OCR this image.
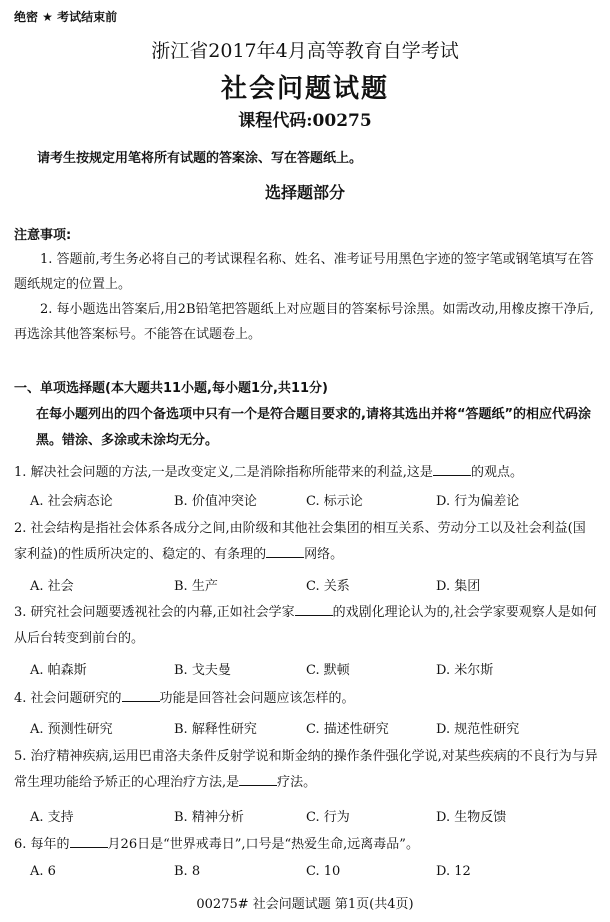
绝密 ★ 考试结束前
浙江省2017年4月高等教育自学考试
社会问题试题
课程代码:00275
请考生按规定用笔将所有试题的答案涂、写在答题纸上。
选择题部分
注意事项:
1. 答题前,考生务必将自己的考试课程名称、姓名、准考证号用黑色字迹的签字笔或钢笔填写在答题纸规定的位置上。
2. 每小题选出答案后,用2B铅笔把答题纸上对应题目的答案标号涂黑。如需改动,用橡皮擦干净后,再选涂其他答案标号。不能答在试题卷上。
一、单项选择题(本大题共11小题,每小题1分,共11分)
在每小题列出的四个备选项中只有一个是符合题目要求的,请将其选出并将“答题纸”的相应代码涂黑。错涂、多涂或未涂均无分。
1. 解决社会问题的方法,一是改变定义,二是消除指称所能带来的利益,这是	的观点。
A. 社会病态论	B. 价值冲突论	C. 标示论	D. 行为偏差论
2. 社会结构是指社会体系各成分之间,由阶级和其他社会集团的相互关系、劳动分工以及社会利益(国家利益)的性质所决定的、稳定的、有条理的	网络。
A. 社会	B. 生产	C. 关系	D. 集团
3. 研究社会问题要透视社会的内幕,正如社会学家	的戏剧化理论认为的,社会学家要观察人是如何从后台转变到前台的。
A. 帕森斯	B. 戈夫曼	C. 默顿	D. 米尔斯
4. 社会问题研究的	功能是回答社会问题应该怎样的。
A. 预测性研究	B. 解释性研究	C. 描述性研究	D. 规范性研究
5. 治疗精神疾病,运用巴甫洛夫条件反射学说和斯金纳的操作条件强化学说,对某些疾病的不良行为与异常生理功能给予矫正的心理治疗方法,是	疗法。
A. 支持	B. 精神分析	C. 行为	D. 生物反馈
6. 每年的	月26日是“世界戒毒日”,口号是“热爱生命,远离毒品”。
A. 6	B. 8	C. 10	D. 12
00275# 社会问题试题 第1页(共4页)
